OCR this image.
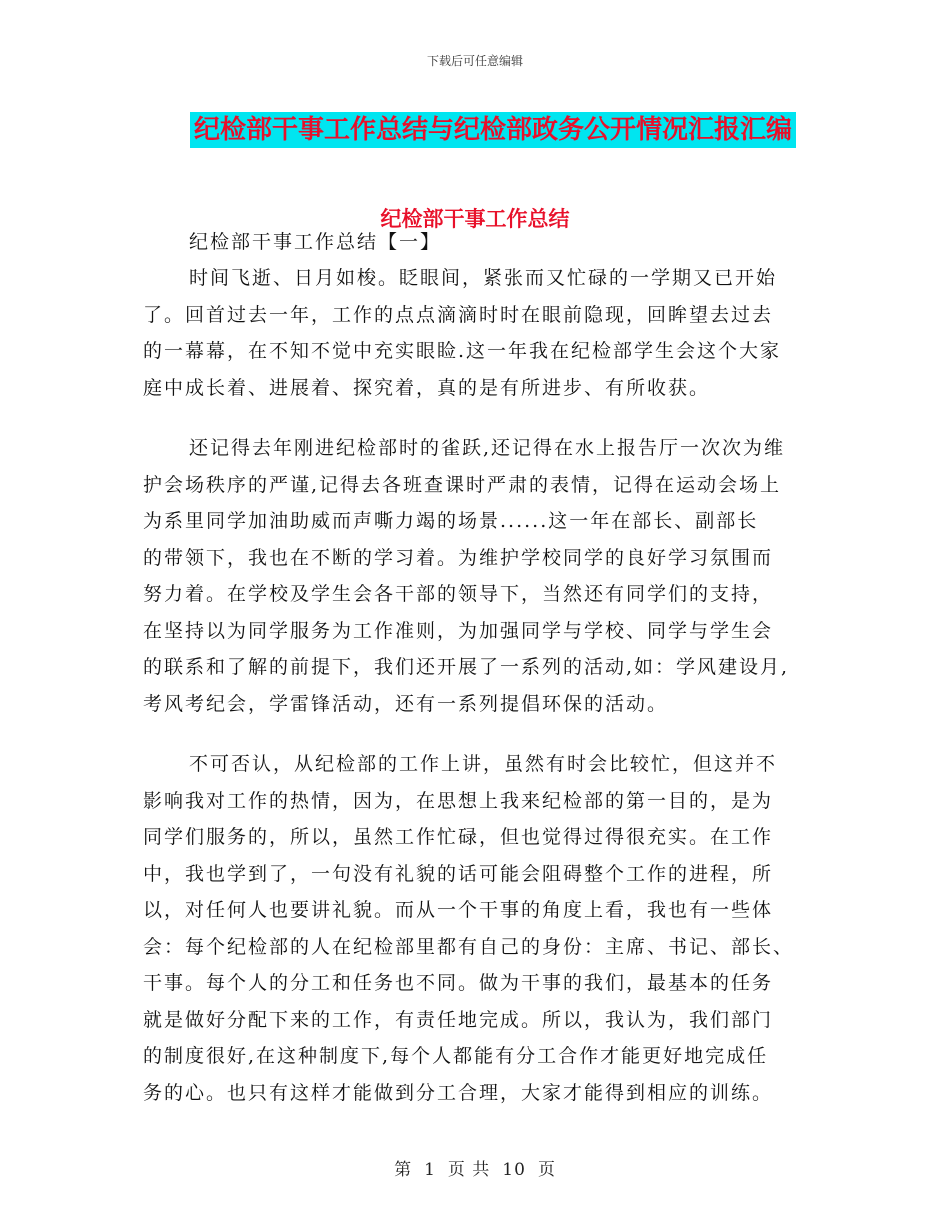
下载后可任意编辑
纪检部干事工作总结与纪检部政务公开情况汇报汇编
纪检部干事工作总结
纪检部干事工作总结【一】
时间飞逝、日月如梭。眨眼间，紧张而又忙碌的一学期又已开始
了。回首过去一年，工作的点点滴滴时时在眼前隐现，回眸望去过去
的一幕幕，在不知不觉中充实眼睑.这一年我在纪检部学生会这个大家
庭中成长着、进展着、探究着，真的是有所进步、有所收获。
还记得去年刚进纪检部时的雀跃,还记得在水上报告厅一次次为维
护会场秩序的严谨,记得去各班查课时严肃的表情，记得在运动会场上
为系里同学加油助威而声嘶力竭的场景......这一年在部长、副部长
的带领下，我也在不断的学习着。为维护学校同学的良好学习氛围而
努力着。在学校及学生会各干部的领导下，当然还有同学们的支持，
在坚持以为同学服务为工作准则，为加强同学与学校、同学与学生会
的联系和了解的前提下，我们还开展了一系列的活动,如：学风建设月,
考风考纪会，学雷锋活动，还有一系列提倡环保的活动。
不可否认，从纪检部的工作上讲，虽然有时会比较忙，但这并不
影响我对工作的热情，因为，在思想上我来纪检部的第一目的，是为
同学们服务的，所以，虽然工作忙碌，但也觉得过得很充实。在工作
中，我也学到了，一句没有礼貌的话可能会阻碍整个工作的进程，所
以，对任何人也要讲礼貌。而从一个干事的角度上看，我也有一些体
会：每个纪检部的人在纪检部里都有自己的身份：主席、书记、部长、
干事。每个人的分工和任务也不同。做为干事的我们，最基本的任务
就是做好分配下来的工作，有责任地完成。所以，我认为，我们部门
的制度很好,在这种制度下,每个人都能有分工合作才能更好地完成任
务的心。也只有这样才能做到分工合理，大家才能得到相应的训练。
第 1 页 共 10 页
